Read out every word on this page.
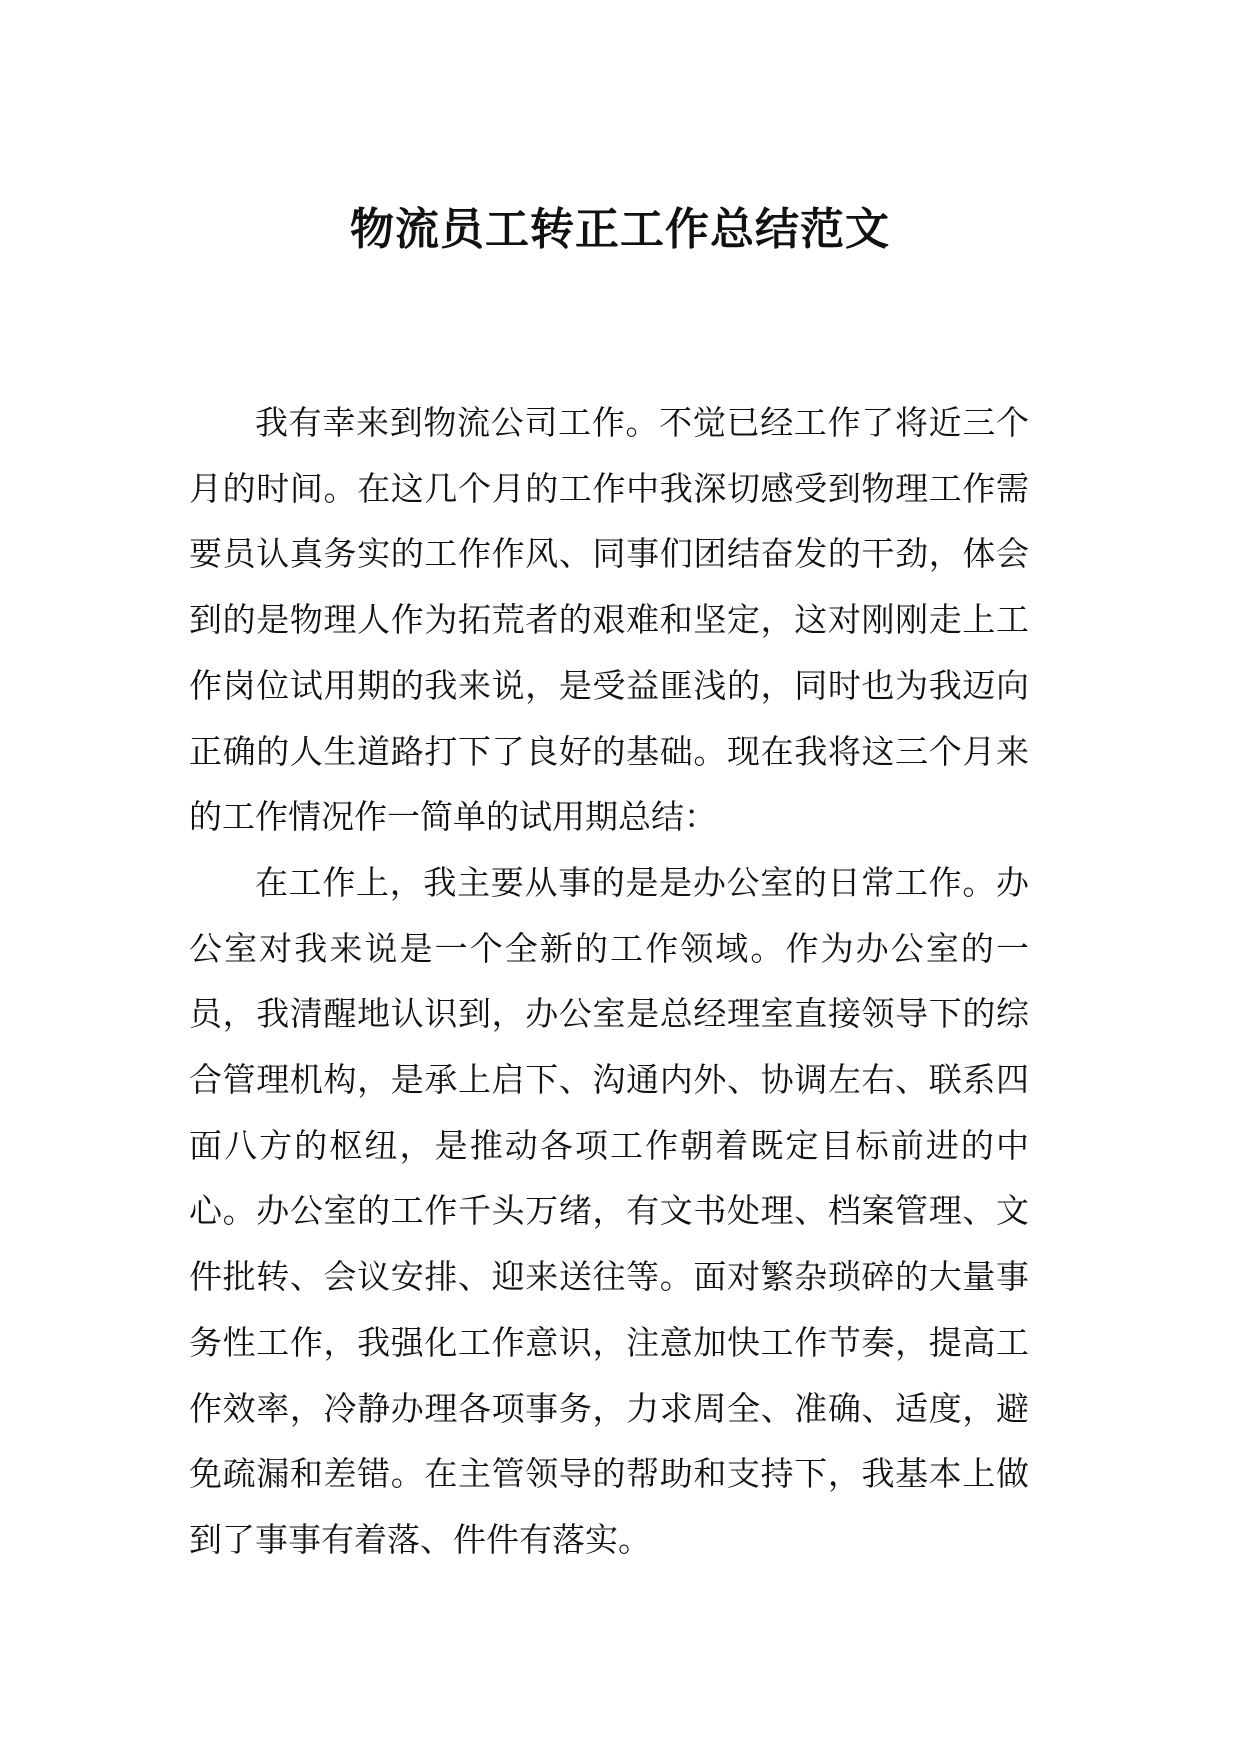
物流员工转正工作总结范文

我有幸来到物流公司工作。不觉已经工作了将近三个月的时间。在这几个月的工作中我深切感受到物理工作需要员认真务实的工作作风、同事们团结奋发的干劲，体会到的是物理人作为拓荒者的艰难和坚定，这对刚刚走上工作岗位试用期的我来说，是受益匪浅的，同时也为我迈向正确的人生道路打下了良好的基础。现在我将这三个月来的工作情况作一简单的试用期总结：

在工作上，我主要从事的是是办公室的日常工作。办公室对我来说是一个全新的工作领域。作为办公室的一员，我清醒地认识到，办公室是总经理室直接领导下的综合管理机构，是承上启下、沟通内外、协调左右、联系四面八方的枢纽，是推动各项工作朝着既定目标前进的中心。办公室的工作千头万绪，有文书处理、档案管理、文件批转、会议安排、迎来送往等。面对繁杂琐碎的大量事务性工作，我强化工作意识，注意加快工作节奏，提高工作效率，冷静办理各项事务，力求周全、准确、适度，避免疏漏和差错。在主管领导的帮助和支持下，我基本上做到了事事有着落、件件有落实。
